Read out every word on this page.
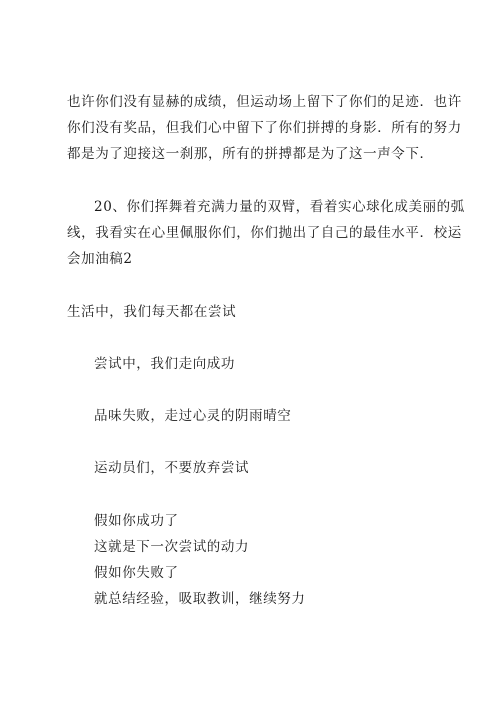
也许你们没有显赫的成绩，但运动场上留下了你们的足迹．也许
你们没有奖品，但我们心中留下了你们拼搏的身影．所有的努力
都是为了迎接这一刹那，所有的拼搏都是为了这一声令下．
20、你们挥舞着充满力量的双臂，看着实心球化成美丽的弧
线，我看实在心里佩服你们，你们抛出了自己的最佳水平．校运
会加油稿2
生活中，我们每天都在尝试
尝试中，我们走向成功
品味失败，走过心灵的阴雨晴空
运动员们，不要放弃尝试
假如你成功了
这就是下一次尝试的动力
假如你失败了
就总结经验，吸取教训，继续努力
